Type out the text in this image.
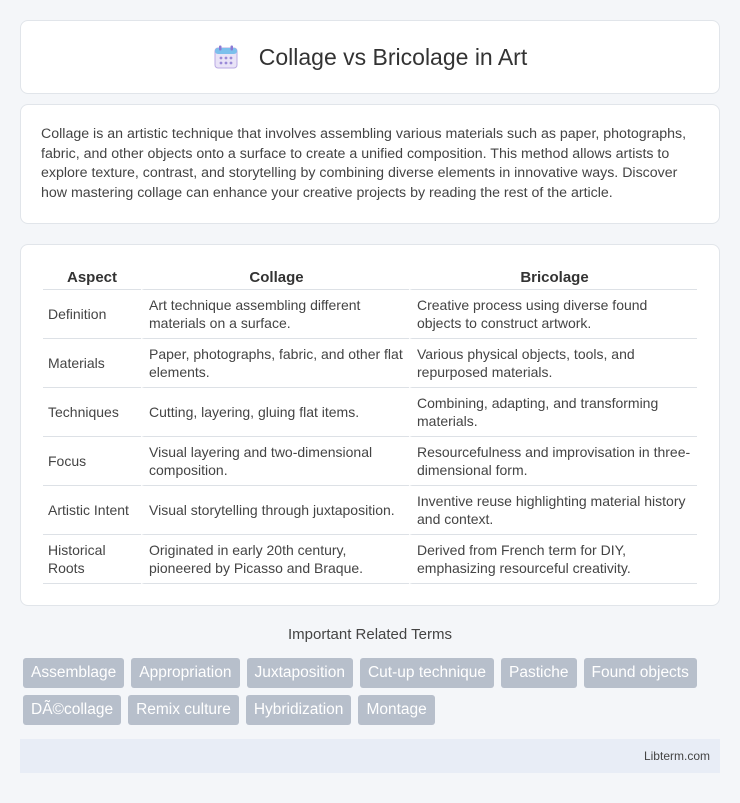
Collage vs Bricolage in Art

Collage is an artistic technique that involves assembling various materials such as paper, photographs, fabric, and other objects onto a surface to create a unified composition. This method allows artists to explore texture, contrast, and storytelling by combining diverse elements in innovative ways. Discover how mastering collage can enhance your creative projects by reading the rest of the article.

Aspect	Collage	Bricolage
Definition	Art technique assembling different materials on a surface.	Creative process using diverse found objects to construct artwork.
Materials	Paper, photographs, fabric, and other flat elements.	Various physical objects, tools, and repurposed materials.
Techniques	Cutting, layering, gluing flat items.	Combining, adapting, and transforming materials.
Focus	Visual layering and two-dimensional composition.	Resourcefulness and improvisation in three-dimensional form.
Artistic Intent	Visual storytelling through juxtaposition.	Inventive reuse highlighting material history and context.
Historical Roots	Originated in early 20th century, pioneered by Picasso and Braque.	Derived from French term for DIY, emphasizing resourceful creativity.
Important Related Terms
Assemblage	Appropriation	Juxtaposition	Cut-up technique	Pastiche	Found objects
DÃ©collage	Remix culture	Hybridization	Montage
Libterm.com
